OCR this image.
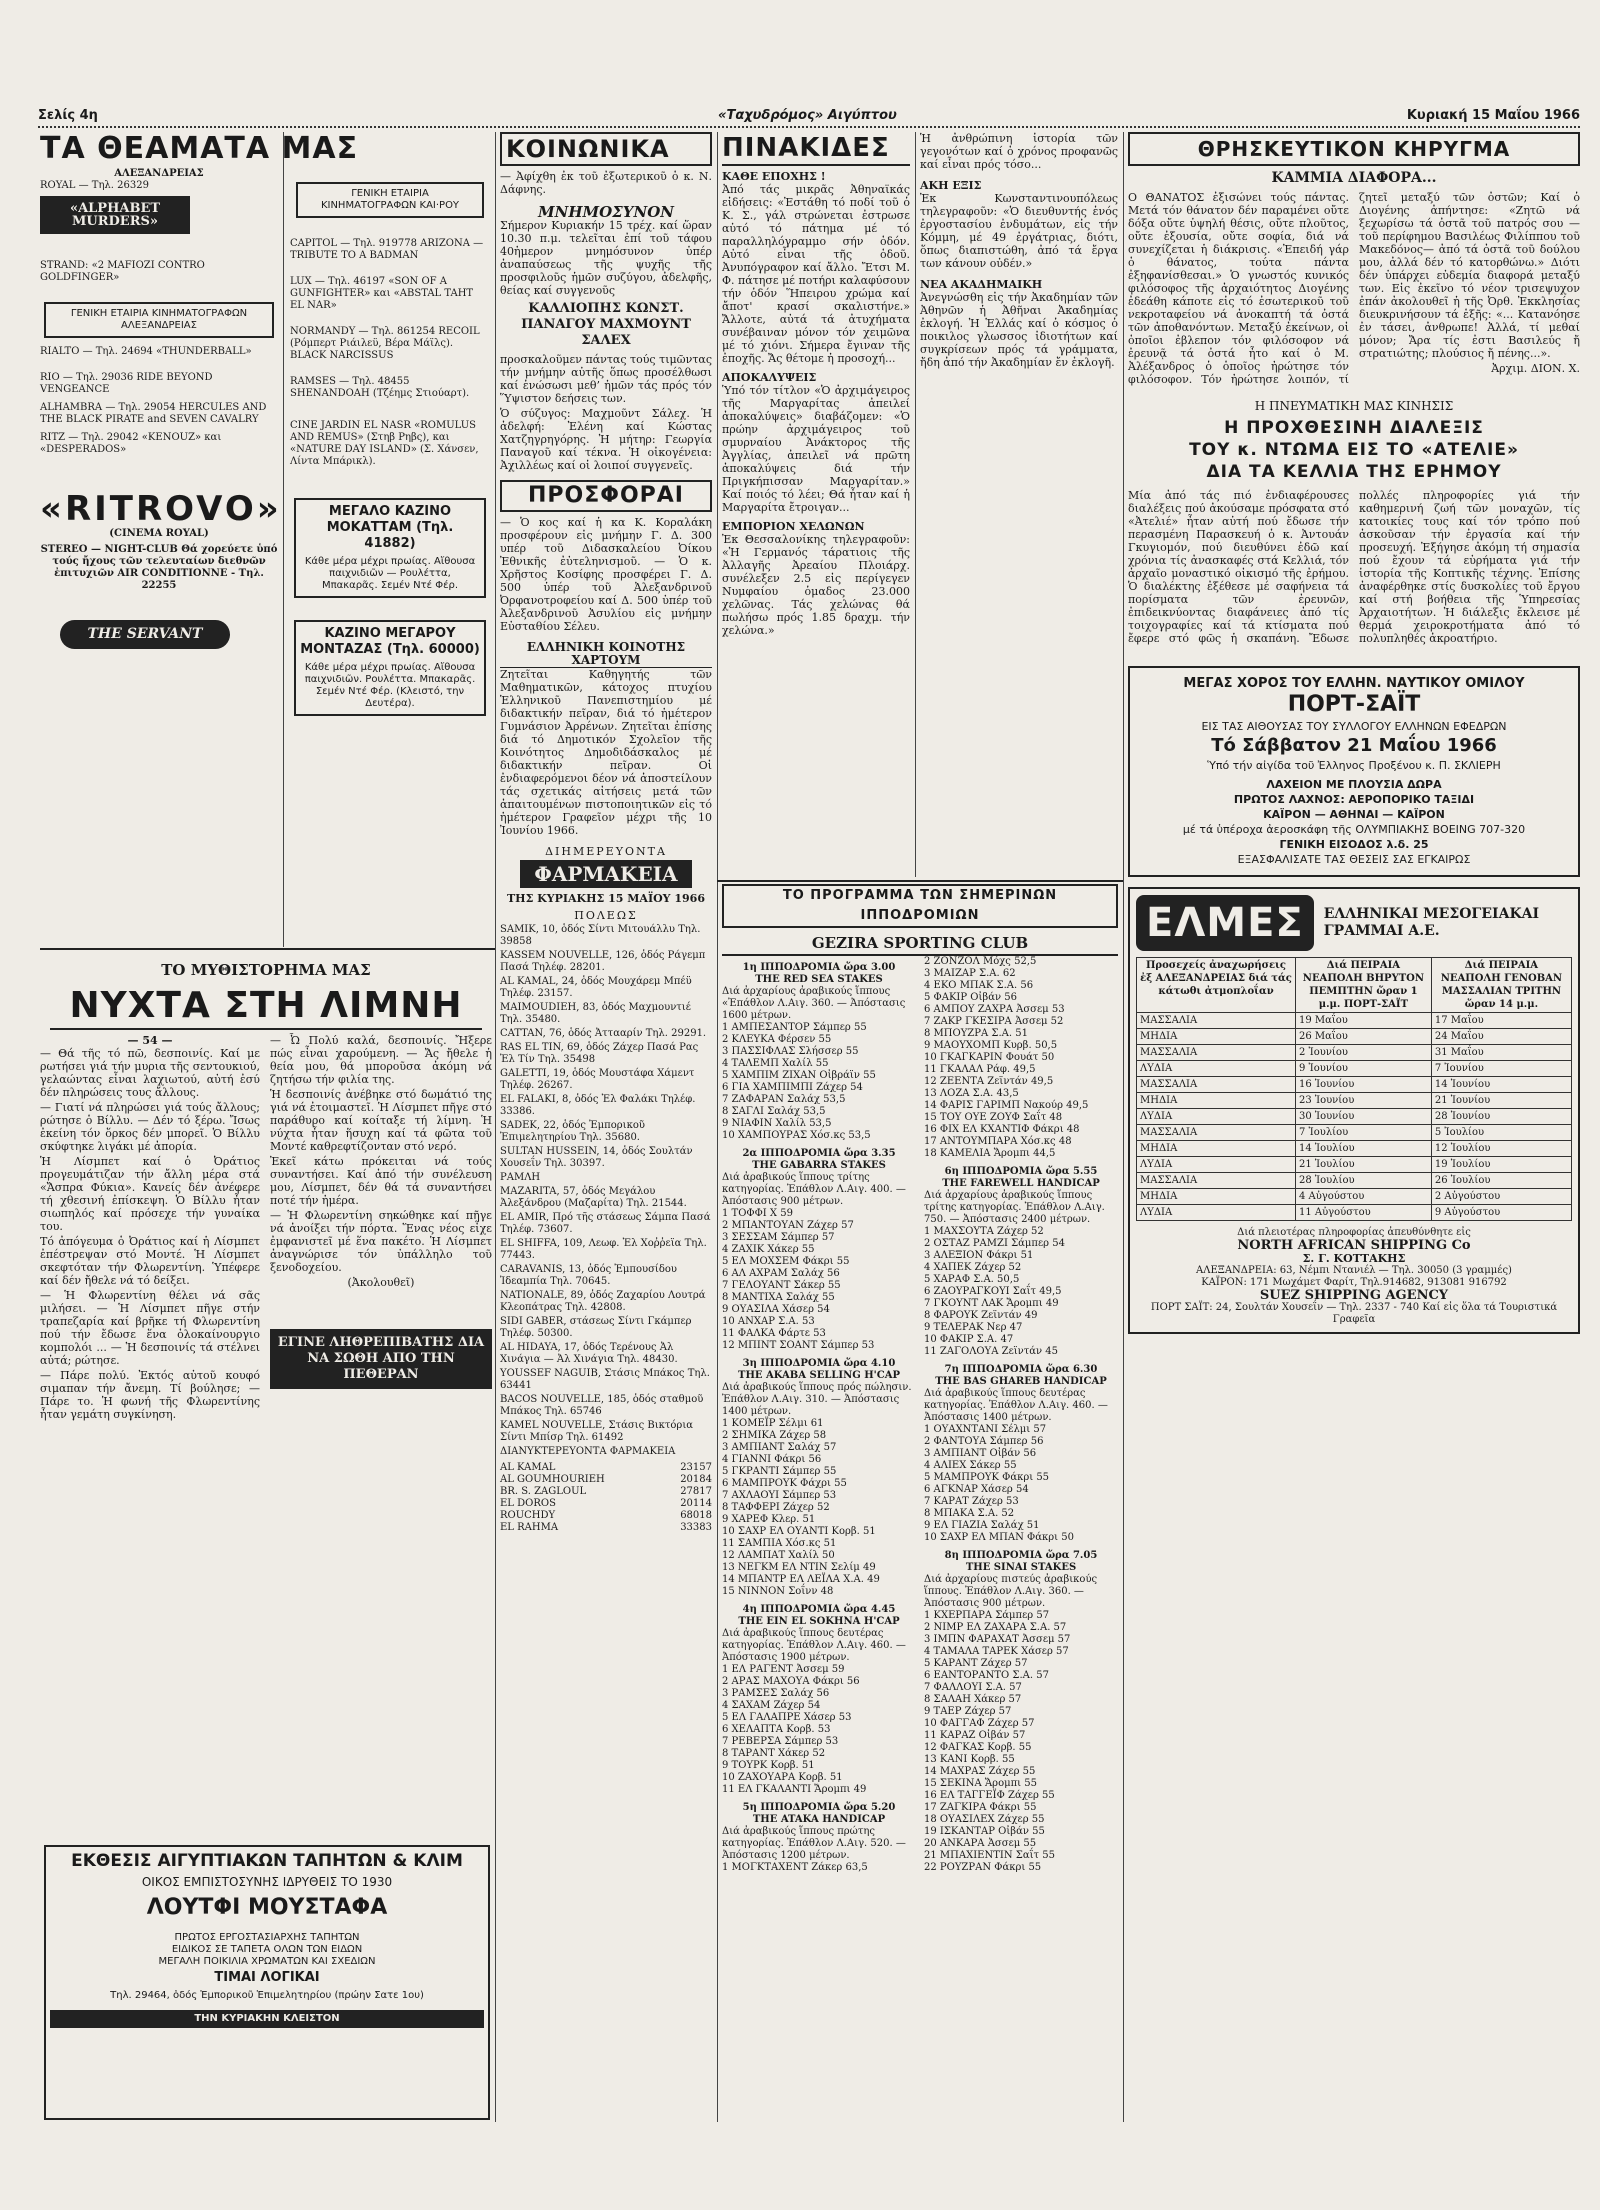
Σελίς 4η	«Ταχυδρόμος» Αιγύπτου	Κυριακή 15 Μαΐου 1966
ΤΑ ΘΕΑΜΑΤΑ ΜΑΣ
ΑΛΕΞΑΝΔΡΕΙΑΣ
ROYAL — Τηλ. 26329
«ALPHABET MURDERS»
STRAND: «2 MAFIOZI CONTRO GOLDFINGER»
ΓΕΝΙΚΗ ΕΤΑΙΡΙΑ ΚΙΝΗΜΑΤΟΓΡΑΦΩΝ ΑΛΕΞΑΝΔΡΕΙΑΣ
RIALTO — Τηλ. 24694 «THUNDERBALL»
RIO — Τηλ. 29036 RIDE BEYOND VENGEANCE
ALHAMBRA — Τηλ. 29054 HERCULES AND THE BLACK PIRATE and SEVEN CAVALRY
RITZ — Τηλ. 29042 «ΚΕΝΟUZ» και «DESPERADOS»
«RITROVO»
(CINEMA ROYAL)
STEREO — NIGHT-CLUB Θά χορεύετε ὑπό τούς ἤχους τῶν τελευταίων διεθνῶν ἐπιτυχιῶν AIR CONDITIONNE - Τηλ. 22255
THE SERVANT
ΓΕΝΙΚΗ ΕΤΑΙΡΙΑ ΚΙΝΗΜΑΤΟΓΡΑΦΩΝ ΚΑΙ·ΡΟΥ
CAPITOL — Τηλ. 919778 ARIZONA — TRIBUTE TO A BADMAN
LUX — Τηλ. 46197 «SON OF A GUNFIGHTER» και «ABSTAL TAHT EL NAR»
NORMANDY — Τηλ. 861254 RECOIL (Ρόμπερτ Ριάιλεϋ, Βέρα Μάϊλς). BLACK NARCISSUS
RAMSES — Τηλ. 48455 SHENANDOAH (Τζέημς Στιούαρτ).
CINE JARDIN EL NASR «ROMULUS AND REMUS» (Στηβ Ρηβς), και «NATURE DAY ISLAND» (Σ. Χάνσεν, Λίντα Μπάρικλ).
ΜΕΓΑΛΟ ΚΑΖΙΝΟ ΜΟΚΑΤΤΑΜ (Τηλ. 41882)
Κάθε μέρα μέχρι πρωίας. Αἴθουσα παιχνιδιῶν — Ρουλέττα, Μπακαρᾶς. Σεμέν Ντέ Φέρ.
ΚΑΖΙΝΟ ΜΕΓΑΡΟΥ ΜΟΝΤΑΖΑΣ (Τηλ. 60000)
Κάθε μέρα μέχρι πρωίας. Αἴθουσα παιχνιδιῶν. Ρουλέττα. Μπακαρᾶς. Σεμέν Ντέ Φέρ. (Κλειστό, την Δευτέρα).
ΤΟ ΜΥΘΙΣΤΟΡΗΜΑ ΜΑΣ
ΝΥΧΤΑ ΣΤΗ ΛΙΜΝΗ
— 54 —

— Θά τῆς τό πῶ, δεσποινίς. Καί με ρωτήσει γιά τήν μυρια τῆς σεντουκιού, γελαώντας εἶναι λαχιωτού, αὐτή ἐσύ δέν πληρώσεις τους ἄλλους.

— Γιατί νά πληρώσει γιά τούς ἄλλους; ρώτησε ὁ Βίλλυ. — Δέν τό ξέρω. Ἴσως ἐκείνη τόν ὅρκος δέν μπορεῖ. Ὁ Βίλλυ σκύφτηκε λιγάκι μέ ἀπορία.

Ἡ Λίσμπετ καί ὁ Ὀράτιος προγευμάτιζαν τήν ἄλλη μέρα στά «Ἄσπρα Φύκια». Κανείς δέν ἀνέφερε τή χθεσινή ἐπίσκεψη. Ὁ Βίλλυ ἦταν σιωπηλός καί πρόσεχε τήν γυναίκα του.

Τό ἀπόγευμα ὁ Ὀράτιος καί ἡ Λίσμπετ ἐπέστρεψαν στό Μοντέ. Ἡ Λίσμπετ σκεφτόταν τήν Φλωρεντίνη. Ὑπέφερε καί δέν ἤθελε νά τό δείξει.

— Ἡ Φλωρεντίνη θέλει νά σᾶς μιλήσει. — Ἡ Λίσμπετ πῆγε στήν τραπεζαρία καί βρῆκε τή Φλωρεντίνη πού τήν ἔδωσε ἕνα ὁλοκαίνουργιο κομπολόι ... — Ἡ δεσποινίς τά στέλνει αὐτά; ρώτησε.

— Πάρε πολύ. Ἐκτός αὐτοῦ κουφό σιμαπαν τήν ἄνεμη. Τί βούλησε; — Πάρε το. Ἡ φωνή τῆς Φλωρεντίνης ἦταν γεμάτη συγκίνηση.

— Ὦ Πολύ καλά, δεσποινίς. Ἤξερε πώς εἶναι χαρούμενη. — Ἄς ἤθελε ἡ θεία μου, θά μποροῦσα ἀκόμη νά ζητήσω τήν φιλία της.

Ἡ δεσποινίς ἀνέβηκε στό δωμάτιό της γιά νά ἐτοιμαστεῖ. Ἡ Λίσμπετ πῆγε στό παράθυρο καί κοίταξε τή λίμνη. Ἡ νύχτα ἦταν ἥσυχη καί τά φῶτα τοῦ Μοντέ καθρεφτίζονταν στό νερό.

Ἐκεῖ κάτω πρόκειται νά τούς συναντήσει. Καί ἀπό τήν συνέλευση μου, Λίσμπετ, δέν θά τά συναντήσει ποτέ τήν ἡμέρα.

— Ἡ Φλωρεντίνη σηκώθηκε καί πῆγε νά ἀνοίξει τήν πόρτα. Ἕνας νέος εἶχε ἐμφανιστεῖ μέ ἕνα πακέτο. Ἡ Λίσμπετ ἀναγνώρισε τόν ὑπάλληλο τοῦ ξενοδοχείου.

(Ἀκολουθεῖ)

ΕΓΙΝΕ ΛΗΘΡΕΠΙΒΑΤΗΣ ΔΙΑ ΝΑ ΣΩΘΗ ΑΠΟ ΤΗΝ ΠΕΘΕΡΑΝ
ΕΚΘΕΣΙΣ ΑΙΓΥΠΤΙΑΚΩΝ ΤΑΠΗΤΩΝ & ΚΛΙΜ
ΟΙΚΟΣ ΕΜΠΙΣΤΟΣΥΝΗΣ ΙΔΡΥΘΕΙΣ ΤΟ 1930
ΛΟΥΤΦΙ ΜΟΥΣΤΑΦΑ
ΠΡΩΤΟΣ ΕΡΓΟΣΤΑΣΙΑΡΧΗΣ ΤΑΠΗΤΩΝ
ΕΙΔΙΚΟΣ ΣΕ ΤΑΠΕΤΑ ΟΛΩΝ ΤΩΝ ΕΙΔΩΝ
ΜΕΓΑΛΗ ΠΟΙΚΙΛΙΑ ΧΡΩΜΑΤΩΝ ΚΑΙ ΣΧΕΔΙΩΝ
ΤΙΜΑΙ ΛΟΓΙΚΑΙ
Τηλ. 29464, ὁδός Ἐμπορικοῦ Ἐπιμελητηρίου (πρώην Σατε 1ου)
ΤΗΝ ΚΥΡΙΑΚΗΝ ΚΛΕΙΣΤΟΝ
ΚΟΙΝΩΝΙΚΑ

— Ἀφίχθη ἐκ τοῦ ἐξωτερικοῦ ὁ κ. Ν. Δάφνης.

ΜΝΗΜΟΣΥΝΟΝ

Σήμερον Κυριακήν 15 τρέχ. καί ὥραν 10.30 π.μ. τελεῖται ἐπί τοῦ τάφου 40ἡμερον μνημόσυνον ὑπέρ ἀναπαύσεως τῆς ψυχῆς τῆς προσφιλοῦς ἡμῶν συζύγου, ἀδελφῆς, θείας καί συγγενοῦς

ΚΑΛΛΙΟΠΗΣ ΚΩΝΣΤ. ΠΑΝΑΓΟΥ ΜΑΧΜΟΥΝΤ ΣΑΛΕΧ

προσκαλοῦμεν πάντας τούς τιμῶντας τήν μνήμην αὐτῆς ὅπως προσέλθωσι καί ἑνώσωσι μεθ’ ἡμῶν τάς πρός τόν Ὕψιστον δεήσεις των.

Ὁ σύζυγος: Μαχμοῦντ Σάλεχ. Ἡ ἀδελφή: Ἑλένη καί Κώστας Χατζηγρηγόρης. Ἡ μήτηρ: Γεωργία Παναγοῦ καί τέκνα. Ἡ οἰκογένεια: Ἀχιλλέως καί οἱ λοιποί συγγενεῖς.

ΠΡΟΣΦΟΡΑΙ

— Ὁ κος καί ἡ κα Κ. Κοραλάκη προσφέρουν εἰς μνήμην Γ. Δ. 300 υπέρ τοῦ Διδασκαλείου Ὀίκου Ἐθνικῆς ἐὐτεληνισμοῦ. — Ὁ κ. Χρῆστος Κοσίφης προσφέρει Γ. Δ. 500 ὑπέρ τοῦ Ἀλεξανδρινοῦ Ὀρφανοτροφείου καί Δ. 500 ὑπέρ τοῦ Ἀλεξανδρινοῦ Ἀσυλίου εἰς μνήμην Εὐσταθίου Σέλευ.

ΕΛΛΗΝΙΚΗ ΚΟΙΝΟΤΗΣ ΧΑΡΤΟΥΜ

Ζητεῖται Καθηγητής τῶν Μαθηματικῶν, κάτοχος πτυχίου Ἑλληνικοῦ Πανεπιστημίου μέ διδακτικήν πεῖραν, διά τό ἡμέτερον Γυμνάσιον Ἀρρένων. Ζητεῖται ἐπίσης διά τό Δημοτικόν Σχολεῖον τῆς Κοινότητος Δημοδιδάσκαλος μέ διδακτικήν πεῖραν. Οἱ ἐνδιαφερόμενοι δέον νά ἀποστείλουν τάς σχετικάς αἰτήσεις μετά τῶν ἀπαιτουμένων πιστοποιητικῶν εἰς τό ἡμέτερον Γραφεῖον μέχρι τῆς 10 Ἰουνίου 1966.

ΔΙΗΜΕΡΕΥΟΝΤΑ
ΦΑΡΜΑΚΕΙΑ
ΤΗΣ ΚΥΡΙΑΚΗΣ 15 ΜΑΪΟΥ 1966
ΠΟΛΕΩΣ
SAMIK, 10, ὁδός Σίντι Μιτουάλλυ Τηλ. 39858
KASSEM NOUVELLE, 126, ὁδός Ράγεμπ Πασά Τηλέφ. 28201.
AL KAMAL, 24, ὁδός Μουχάρεμ Μπέϋ Τηλέφ. 23157.
MAIMOUDIEH, 83, ὁδός Μαχμουντιέ Τηλ. 35480.
CATTAN, 76, ὁδός Ἀττααρίν Τηλ. 29291.
RAS EL TIN, 69, ὁδός Ζάχερ Πασά Ρας Ἐλ Τίν Τηλ. 35498
GALETTI, 19, ὁδός Μουστάφα Χάμεντ Τηλέφ. 26267.
EL FALAKI, 8, ὁδός Ἐλ Φαλάκι Τηλέφ. 33386.
SADEK, 22, ὁδός Ἐμπορικοῦ Ἐπιμελητηρίου Τηλ. 35680.
SULTAN HUSSEIN, 14, ὁδός Σουλτάν Χουσεΐν Τηλ. 30397.
ΡΑΜΛΗ
MAZARITA, 57, ὁδός Μεγάλου Ἀλεξάνδρου (Μαζαρίτα) Τηλ. 21544.
EL AMIR, Πρό τῆς στάσεως Σάμπα Πασά Τηλέφ. 73607.
EL SHIFFA, 109, Λεωφ. Ἐλ Χοῤῥεϊα Τηλ. 77443.
CARAVANIS, 13, ὁδός Ἐμπουσίδου Ἰδεαμπία Τηλ. 70645.
NATIONALE, 89, ὁδός Ζαχαρίου Λουτρά Κλεοπάτρας Τηλ. 42808.
SIDI GABER, στάσεως Σίντι Γκάμπερ Τηλέφ. 50300.
AL HIDAYA, 17, ὁδός Τερένους Ἀλ Χινάγια — Ἀλ Χινάγια Τηλ. 48430.
YOUSSEF NAGUIB, Στάσις Μπάκος Τηλ. 63441
BACOS NOUVELLE, 185, ὁδός σταθμοῦ Μπάκος Τηλ. 65746
KAMEL NOUVELLE, Στάσις Βικτόρια Σίντι Μπίσρ Τηλ. 61492
ΔΙΑΝΥΚΤΕΡΕΥΟΝΤΑ ΦΑΡΜΑΚΕΙΑ
AL KAMAL	23157
AL GOUMHOURIEH	20184
BR. S. ZAGLOUL	27817
EL DOROS	20114
ROUCHDY	68018
EL RAHMA	33383
ΠΙΝΑΚΙΔΕΣ
ΚΑΘΕ ΕΠΟΧΗΣ !

Ἀπό τάς μικρᾶς Ἀθηναϊκάς εἰδήσεις: «Ἐστάθη τό ποδί τοῦ ὁ Κ. Σ., γάλ στρώνεται ἐστρωσε αὐτό τό πάτημα μέ τό παραλληλόγραμμο σήν ὁδόν. Αὐτό εἶναι τῆς ὁδοῦ. Ἀνυπόγραφον καί ἄλλο. Ἔτσι Μ. Φ. πάτησε μέ ποτήρι καλαφύσουν τήν ὁδόν Ἥπειρου χρώμα καί ἄποτ' κρασί σκαλιστήνε.» Ἄλλοτε, αὐτά τά ἀτυχήματα συνέβαιναν μόνον τόν χειμῶνα μέ τό χιόνι. Σήμερα ἔγιναν τῆς ἐποχῆς. Ἄς θέτομε ἠ προσοχή...

ΑΠΟΚΑΛΥΨΕΙΣ

Ὑπό τόν τίτλον «Ὁ ἀρχιμάγειρος τῆς Μαργαρίτας ἀπειλεί ἀποκαλύψεις» διαβάζομεν: «Ὁ πρώην ἀρχιμάγειρος τοῦ σμυρναίου Ἀνάκτορος τῆς Ἀγγλίας, ἀπειλεῖ νά πρῶτη ἀποκαλύψεις διά τήν Πριγκήπισσαν Μαργαρίταν.» Καί ποιός τό λέει; Θά ἦταν καί ἡ Μαργαρίτα ἔτροιγαν...

ΕΜΠΟΡΙΟΝ ΧΕΛΩΝΩΝ

Ἐκ Θεσσαλονίκης τηλεγραφοῦν: «Ἡ Γερμανός τάρατιοις τῆς Ἀλλαγῆς Ἀρεαίου Πλοιάρχ. συνέλεξεν 2.5 εἰς περίγεγεν Νυμφαίου ὁμαδος 23.000 χελῶνας. Τάς χελώνας θά πωλήσω πρός 1.85 δραχμ. τήν χελώνα.»

Ἡ ἀνθρώπινη ἱστορία τῶν γεγονότων καί ὁ χρόνος προφανῶς καί εἶναι πρός τόσο...

ΑΚΗ ΕΞΙΣ

Ἐκ Κωνσταντινουπόλεως τηλεγραφοῦν: «Ὁ διευθυντής ἑνός ἐργοστασίου ἐνδυμάτων, εἰς τήν Κόμμη, μέ 49 ἐργάτριας, διότι, ὅπως διαπιστώθη, ἀπό τά ἔργα των κάνουν οὐδέν.»

ΝΕΑ ΑΚΑΔΗΜΑΙΚΗ

Ἀνεγνώσθη εἰς τήν Ἀκαδημίαν τῶν Ἀθηνῶν ἡ Ἀθῆναι Ἀκαδημίας ἐκλογή. Ἡ Ἑλλάς καί ὁ κόσμος ὁ ποικιλος γλωσσος ἰδιοτήτων καί συγκρίσεων πρός τά γράμματα, ἤδη ἀπό τήν Ἀκαδημίαν ἔν ἐκλογῆ.

ΤΟ ΠΡΟΓΡΑΜΜΑ ΤΩΝ ΣΗΜΕΡΙΝΩΝ ΙΠΠΟΔΡΟΜΙΩΝ
GEZIRA SPORTING CLUB
1η ΙΠΠΟΔΡΟΜΙΑ ὥρα 3.00
THE RED SEA STAKES
Διά ἀρχαρίους ἀραβικούς ἵππους «Ἐπάθλον Λ.Αιγ. 360. — Ἀπόστασις 1600 μέτρων.
1 ΑΜΠΕΣΑΝΤΟΡ Σάμπερ 55
2 ΚΛΕΥΚΑ Φέρσεν 55
3 ΠΑΣΣΙΦΛΑΣ Σλήσσερ 55
4 ΤΑΛΕΜΠ Χαλίλ 55
5 ΧΑΜΠΙΜ ΖΙΧΑΝ Οἰβράϊν 55
6 ΓΙΑ ΧΑΜΠΙΜΠΙ Ζάχερ 54
7 ΖΑΦΑΡΑΝ Σαλάχ 53,5
8 ΣΑΓΛΙ Σαλάχ 53,5
9 ΝΙΑΦΙΝ Χαλίλ 53,5
10 ΧΑΜΠΟΥΡΑΣ Χόσ.κς 53,5
2α ΙΠΠΟΔΡΟΜΙΑ ὥρα 3.35
THE GABARRA STAKES
Διά ἀραβικούς ἵππους τρίτης κατηγορίας. Ἐπάθλον Λ.Αιγ. 400. — Ἀπόστασις 900 μέτρων.
1 ΤΟΦΦΙ Χ 59
2 ΜΠΑΝΤΟΥΑΝ Ζάχερ 57
3 ΣΕΣΣΑΜ Σάμπερ 57
4 ΖΑΧΙΚ Χάκερ 55
5 ΕΛ ΜΟΧΣΕΜ Φάκρι 55
6 ΑΛ ΑΧΡΑΜ Σαλάχ 56
7 ΓΕΛΟΥΑΝΤ Σάκερ 55
8 ΜΑΝΤΙΧΑ Σαλάχ 55
9 ΟΥΑΣΙΛΑ Χάσερ 54
10 ΑΝΧΑΡ Σ.Α. 53
11 ΦΑΛΚΑ Φάρτε 53
12 ΜΠΙΝΤ ΣΟΑΝΤ Σάμπερ 53
3η ΙΠΠΟΔΡΟΜΙΑ ὥρα 4.10
THE AKABA SELLING H'CAP
Διά ἀραβικούς ἵππους πρός πώλησιν. Ἐπάθλον Λ.Αιγ. 310. — Ἀπόστασις 1400 μέτρων.
1 ΚΟΜΕΪΡ Σέλμι 61
2 ΣΗΜΙΚΑ Ζάχερ 58
3 ΑΜΠΙΑΝΤ Σαλάχ 57
4 ΓΙΑΝΝΙ Φάκρι 56
5 ΓΚΡΑΝΤΙ Σάμπερ 55
6 ΜΑΜΠΡΟΥΚ Φάχρι 55
7 ΑΧΛΑΟΥΙ Σάμπερ 53
8 ΤΑΦΦΕΡΙ Ζάχερ 52
9 ΧΑΡΕΦ Κλερ. 51
10 ΣΑΧΡ ΕΛ ΟΥΑΝΤΙ Κορβ. 51
11 ΣΑΜΠΙΑ Χόσ.κς 51
12 ΛΑΜΠΑΤ Χαλίλ 50
13 ΝΕΓΚΜ ΕΛ ΝΤΙΝ Σελίμ 49
14 ΜΠΑΝΤΡ ΕΛ ΛΕΪΛΑ Χ.Α. 49
15 ΝΙΝΝΟΝ Σοΐνν 48
4η ΙΠΠΟΔΡΟΜΙΑ ὥρα 4.45
THE EIN EL SOKHNA H'CAP
Διά ἀραβικούς ἵππους δευτέρας κατηγορίας. Ἐπάθλον Λ.Αιγ. 460. — Ἀπόστασις 1900 μέτρων.
1 ΕΛ ΡΑΓΕΝΤ Ἀσσεμ 59
2 ΑΡΑΣ ΜΑΧΟΥΑ Φάκρι 56
3 ΡΑΜΣΕΣ Σαλάχ 56
4 ΣΑΧΑΜ Ζάχερ 54
5 ΕΛ ΓΑΛΑΠΡΕ Χάσερ 53
6 ΧΕΛΑΠΤΑ Κορβ. 53
7 ΡΕΒΕΡΣΑ Σάμπερ 53
8 ΤΑΡΑΝΤ Χάκερ 52
9 ΤΟΥΡΚ Κορβ. 51
10 ΖΑΧΟΥΑΡΑ Κορβ. 51
11 ΕΛ ΓΚΑΛΑΝΤΙ Ἄρομπι 49
5η ΙΠΠΟΔΡΟΜΙΑ ὥρα 5.20
THE ATAKA HANDICAP
Διά ἀραβικούς ἵππους πρώτης κατηγορίας. Ἐπάθλον Λ.Αιγ. 520. — Ἀπόστασις 1200 μέτρων.
1 ΜΟΓΚΤΑΧΕΝΤ Ζάκερ 63,5
2 ΖΟΝΖΟΛ Μόχς 52,5
3 ΜΑΙΖΑΡ Σ.Α. 62
4 ΕΚΟ ΜΠΑΚ Σ.Α. 56
5 ΦΑΚΙΡ Οἰβάν 56
6 ΑΜΠΟΥ ΖΑΧΡΑ Ἀσσεμ 53
7 ΖΑΚΡ ΓΚΕΣΙΡΑ Ἀσσεμ 52
8 ΜΠΟΥΖΡΑ Σ.Α. 51
9 ΜΑΟΥΧΟΜΠ Κυρβ. 50,5
10 ΓΚΑΓΚΑΡΙΝ Φουάτ 50
11 ΓΚΑΛΑΛ Ράφ. 49,5
12 ΖΕΕΝΤΑ Ζεϊντάν 49,5
13 ΛΟΖΑ Σ.Α. 43,5
14 ΦΑΡΙΣ ΓΑΡΙΜΠ Νακούρ 49,5
15 ΤΟΥ ΟΥΕ ΖΟΥΦ Σαΐτ 48
16 ΦΙΧ ΕΛ ΚΧΑΝΤΙΦ Φάκρι 48
17 ΑΝΤΟΥΜΠΑΡΑ Χόσ.κς 48
18 ΚΑΜΕΛΙΑ Ἄρομπι 44,5
6η ΙΠΠΟΔΡΟΜΙΑ ὥρα 5.55
THE FAREWELL HANDICAP
Διά ἀρχαρίους ἀραβικούς ἵππους τρίτης κατηγορίας. Ἐπάθλον Λ.Αιγ. 750. — Ἀπόστασις 2400 μέτρων.
1 ΜΑΧΣΟΥΤΑ Ζάχερ 52
2 ΟΣΤΑΖ ΡΑΜΖΙ Σάμπερ 54
3 ΑΛΕΞΙΟΝ Φάκρι 51
4 ΧΑΠΕΚ Ζάχερ 52
5 ΧΑΡΑΦ Σ.Α. 50,5
6 ΖΑΟΥΡΑΓΚΟΥΙ Σαΐτ 49,5
7 ΓΚΟΥΝΤ ΛΑΚ Ἄρομπι 49
8 ΦΑΡΟΥΚ Ζεϊντάν 49
9 ΤΕΛΕΡΑΚ Νερ 47
10 ΦΑΚΙΡ Σ.Α. 47
11 ΖΑΓΟΛΟΥΑ Ζεϊντάν 45
7η ΙΠΠΟΔΡΟΜΙΑ ὥρα 6.30
THE BAS GHAREB HANDICAP
Διά ἀραβικούς ἵππους δευτέρας κατηγορίας. Ἐπάθλον Λ.Αιγ. 460. — Ἀπόστασις 1400 μέτρων.
1 ΟΥΑΧΝΤΑΝΙ Σέλμι 57
2 ΦΑΝΤΟΥΑ Σάμπερ 56
3 ΑΜΠΙΑΝΤ Οἰβάν 56
4 ΑΛΙΕΧ Σάκερ 55
5 ΜΑΜΠΡΟΥΚ Φάκρι 55
6 ΑΓΚΝΑΡ Χάσερ 54
7 ΚΑΡΑΤ Ζάχερ 53
8 ΜΠΑΚΑ Σ.Α. 52
9 ΕΛ ΓΙΑΖΙΑ Σαλάχ 51
10 ΣΑΧΡ ΕΛ ΜΠΑΝ Φάκρι 50
8η ΙΠΠΟΔΡΟΜΙΑ ὥρα 7.05
THE SINAI STAKES
Διά ἀρχαρίους πιστεύς ἀραβικούς ἵππους. Ἐπάθλον Λ.Αιγ. 360. — Ἀπόστασις 900 μέτρων.
1 ΚΧΕΡΠΑΡΑ Σάμπερ 57
2 ΝΙΜΡ ΕΛ ΖΑΧΑΡΑ Σ.Α. 57
3 ΙΜΠΝ ΦΑΡΑΧΑΤ Ἀσσεμ 57
4 ΤΑΜΑΛΑ ΤΑΡΕΚ Χάσερ 57
5 ΚΑΡΑΝΤ Ζάχερ 57
6 ΕΑΝΤΟΡΑΝΤΟ Σ.Α. 57
7 ΦΑΛΛΟΥΙ Σ.Α. 57
8 ΣΑΛΑΗ Χάκερ 57
9 ΤΑΕΡ Ζάχερ 57
10 ΦΑΓΓΑΦ Ζάχερ 57
11 ΚΑΡΑΖ Οἰβάν 57
12 ΦΑΓΚΑΣ Κορβ. 55
13 ΚΑΝΙ Κορβ. 55
14 ΜΑΧΡΑΣ Ζάχερ 55
15 ΣΕΚΙΝΑ Ἄρομπι 55
16 ΕΛ ΤΑΓΓΕΪΦ Ζάχερ 55
17 ΖΑΓΚΙΡΑ Φάκρι 55
18 ΟΥΑΣΙΛΕΧ Ζάχερ 55
19 ΙΣΚΑΝΤΑΡ Οἰβάν 55
20 ΑΝΚΑΡΑ Ἀσσεμ 55
21 ΜΠΑΧΙΕΝΤΙΝ Σαΐτ 55
22 ΡΟΥΖΡΑΝ Φάκρι 55
ΘΡΗΣΚΕΥΤΙΚΟΝ ΚΗΡΥΓΜΑ
ΚΑΜΜΙΑ ΔΙΑΦΟΡΑ...

Ο ΘΑΝΑΤΟΣ ἐξισώνει τούς πάντας. Μετά τόν θάνατον δέν παραμένει οὔτε δόξα οὔτε ὑψηλή θέσις, οὔτε πλοῦτος, οὔτε ἐξουσία, οὔτε σοφία, διά νά συνεχίζεται ἡ διάκρισις. «Ἐπειδή γάρ ὁ θάνατος, τούτα πάντα ἐξηφανίσθεσαι.» Ὁ γνωστός κυνικός φιλόσοφος τῆς ἀρχαιότητος Διογένης ἐδεάθη κάποτε εἰς τό ἐσωτερικοῦ τοῦ νεκροταφείου νά ἀνοκαπτή τά ὀστά τῶν ἀποθανόντων. Μεταξύ ἐκείνων, οἱ ὁποῖοι ἐβλεπον τόν φιλόσοφον νά ἐρευνᾷ τά ὀστά ἦτο καί ὁ Μ. Ἀλέξανδρος ὁ ὁποῖος ἠρώτησε τόν φιλόσοφον. Τόν ἠρώτησε λοιπόν, τί ζητεῖ μεταξύ τῶν ὀστῶν; Καί ὁ Διογένης ἀπήντησε: «Ζητῶ νά ξεχωρίσω τά ὀστᾶ τοῦ πατρός σου —τοῦ περίφημου Βασιλέως Φιλίππου τοῦ Μακεδόνος— ἀπό τά ὀστᾶ τοῦ δούλου μου, ἀλλά δέν τό κατορθώνω.» Διότι δέν ὑπάρχει εὐδεμία διαφορά μεταξύ των. Εἰς ἐκεῖνο τό νέον τρισεψυχον ἐπάν ἀκολουθεῖ ἡ τῆς Ὀρθ. Ἐκκλησίας διευκρινήσουν τά ἑξῆς: «... Κατανόησε ἐν τάσει, ἀνθρωπε! Ἀλλά, τί μεθαί μόνον; Ἄρα τίς ἐστι Βασιλεύς ἤ στρατιώτης; πλούσιος ἤ πένης...».

Ἀρχιμ. ΔΙΟΝ. Χ.

Η ΠΝΕΥΜΑΤΙΚΗ ΜΑΣ ΚΙΝΗΣΙΣ
Η ΠΡΟΧΘΕΣΙΝΗ ΔΙΑΛΕΞΙΣ
ΤΟΥ κ. ΝΤΩΜΑ ΕΙΣ ΤΟ «ΑΤΕΛΙΕ»
ΔΙΑ ΤΑ ΚΕΛΛΙΑ ΤΗΣ ΕΡΗΜΟΥ

Μία ἀπό τάς πιό ἐνδιαφέρουσες διαλέξεις πού ἀκούσαμε πρόσφατα στό «Ἀτελιέ» ἦταν αὐτή πού ἔδωσε τήν περασμένη Παρασκευή ὁ κ. Ἀντουάν Γκυγιομόν, πού διευθύνει ἐδῶ καί χρόνια τίς ἀνασκαφές στά Κελλιά, τόν ἀρχαῖο μοναστικό οἰκισμό τῆς ἐρήμου. Ὁ διαλέκτης ἐξέθεσε μέ σαφήνεια τά πορίσματα τῶν ἐρευνῶν, ἐπιδεικνύοντας διαφάνειες ἀπό τίς τοιχογραφίες καί τά κτίσματα πού ἔφερε στό φῶς ἡ σκαπάνη. Ἔδωσε πολλές πληροφορίες γιά τήν καθημερινή ζωή τῶν μοναχῶν, τίς κατοικίες τους καί τόν τρόπο πού ἀσκοῦσαν τήν ἐργασία καί τήν προσευχή. Ἐξήγησε ἀκόμη τή σημασία πού ἔχουν τά εὑρήματα γιά τήν ἱστορία τῆς Κοπτικῆς τέχνης. Ἐπίσης ἀναφέρθηκε στίς δυσκολίες τοῦ ἔργου καί στή βοήθεια τῆς Ὑπηρεσίας Ἀρχαιοτήτων. Ἡ διάλεξις ἔκλεισε μέ θερμά χειροκροτήματα ἀπό τό πολυπληθές ἀκροατήριο.

ΜΕΓΑΣ ΧΟΡΟΣ ΤΟΥ ΕΛΛΗΝ. ΝΑΥΤΙΚΟΥ ΟΜΙΛΟΥ
ΠΟΡΤ-ΣΑΪΤ
ΕΙΣ ΤΑΣ ΑΙΘΟΥΣΑΣ ΤΟΥ ΣΥΛΛΟΓΟΥ ΕΛΛΗΝΩΝ ΕΦΕΔΡΩΝ
Τό Σάββατον 21 Μαΐου 1966
Ὑπό τήν αἰγίδα τοῦ Ἐλληνος Προξένου κ. Π. ΣΚΛΙΕΡΗ
ΛΑΧΕΙΟΝ ΜΕ ΠΛΟΥΣΙΑ ΔΩΡΑ
ΠΡΩΤΟΣ ΛΑΧΝΟΣ: ΑΕΡΟΠΟΡΙΚΟ ΤΑΞΙΔΙ
ΚΑΪΡΟΝ — ΑΘΗΝΑΙ — ΚΑΪΡΟΝ
μέ τά ὑπέροχα ἀεροσκάφη τῆς ΟΛΥΜΠΙΑΚΗΣ BOEING 707-320
ΓΕΝΙΚΗ ΕΙΣΟΔΟΣ λ.δ. 25
ΕΞΑΣΦΑΛΙΣΑΤΕ ΤΑΣ ΘΕΣΕΙΣ ΣΑΣ ΕΓΚΑΙΡΩΣ
ΕΛΜΕΣ	ΕΛΛΗΝΙΚΑΙ ΜΕΣΟΓΕΙΑΚΑΙ ΓΡΑΜΜΑΙ Α.Ε.
Προσεχείς ἀναχωρήσεις ἐξ ΑΛΕΞΑΝΔΡΕΙΑΣ διά τάς κάτωθι ἀτμοπλοΐαν	Διά ΠΕΙΡΑΙΑ ΝΕΑΠΟΛΗ ΒΗΡΥΤΟΝ ΠΕΜΠΤΗΝ ὥραν 1 μ.μ. ΠΟΡΤ-ΣΑΪΤ	Διά ΠΕΙΡΑΙΑ ΝΕΑΠΟΛΗ ΓΕΝΟΒΑΝ ΜΑΣΣΑΛΙΑΝ ΤΡΙΤΗΝ ὥραν 14 μ.μ.
ΜΑΣΣΑΛΙΑ	19 Μαΐου	17 Μαΐου
ΜΗΔΙΑ	26 Μαΐου	24 Μαΐου
ΜΑΣΣΑΛΙΑ	2 Ἰουνίου	31 Μαΐου
ΛΥΔΙΑ	9 Ἰουνίου	7 Ἰουνίου
ΜΑΣΣΑΛΙΑ	16 Ἰουνίου	14 Ἰουνίου
ΜΗΔΙΑ	23 Ἰουνίου	21 Ἰουνίου
ΛΥΔΙΑ	30 Ἰουνίου	28 Ἰουνίου
ΜΑΣΣΑΛΙΑ	7 Ἰουλίου	5 Ἰουλίου
ΜΗΔΙΑ	14 Ἰουλίου	12 Ἰουλίου
ΛΥΔΙΑ	21 Ἰουλίου	19 Ἰουλίου
ΜΑΣΣΑΛΙΑ	28 Ἰουλίου	26 Ἰουλίου
ΜΗΔΙΑ	4 Αὐγούστου	2 Αὐγούστου
ΛΥΔΙΑ	11 Αὐγούστου	9 Αὐγούστου
Διά πλειοτέρας πληροφορίας ἀπευθύνθητε εἰς
NORTH AFRICAN SHIPPING Co
Σ. Γ. ΚΟΤΤΑΚΗΣ
ΑΛΕΞΑΝΔΡΕΙΑ: 63, Νέμπι Ντανιέλ — Τηλ. 30050 (3 γραμμές)
ΚΑΪΡΟΝ: 171 Μωχάμετ Φαρίτ, Τηλ.914682, 913081 916792
SUEZ SHIPPING AGENCY
ΠΟΡΤ ΣΑΪΤ: 24, Σουλτάν Χουσεΐν — Τηλ. 2337 - 740 Καί εἰς ὅλα τά Τουριστικά Γραφεῖα
